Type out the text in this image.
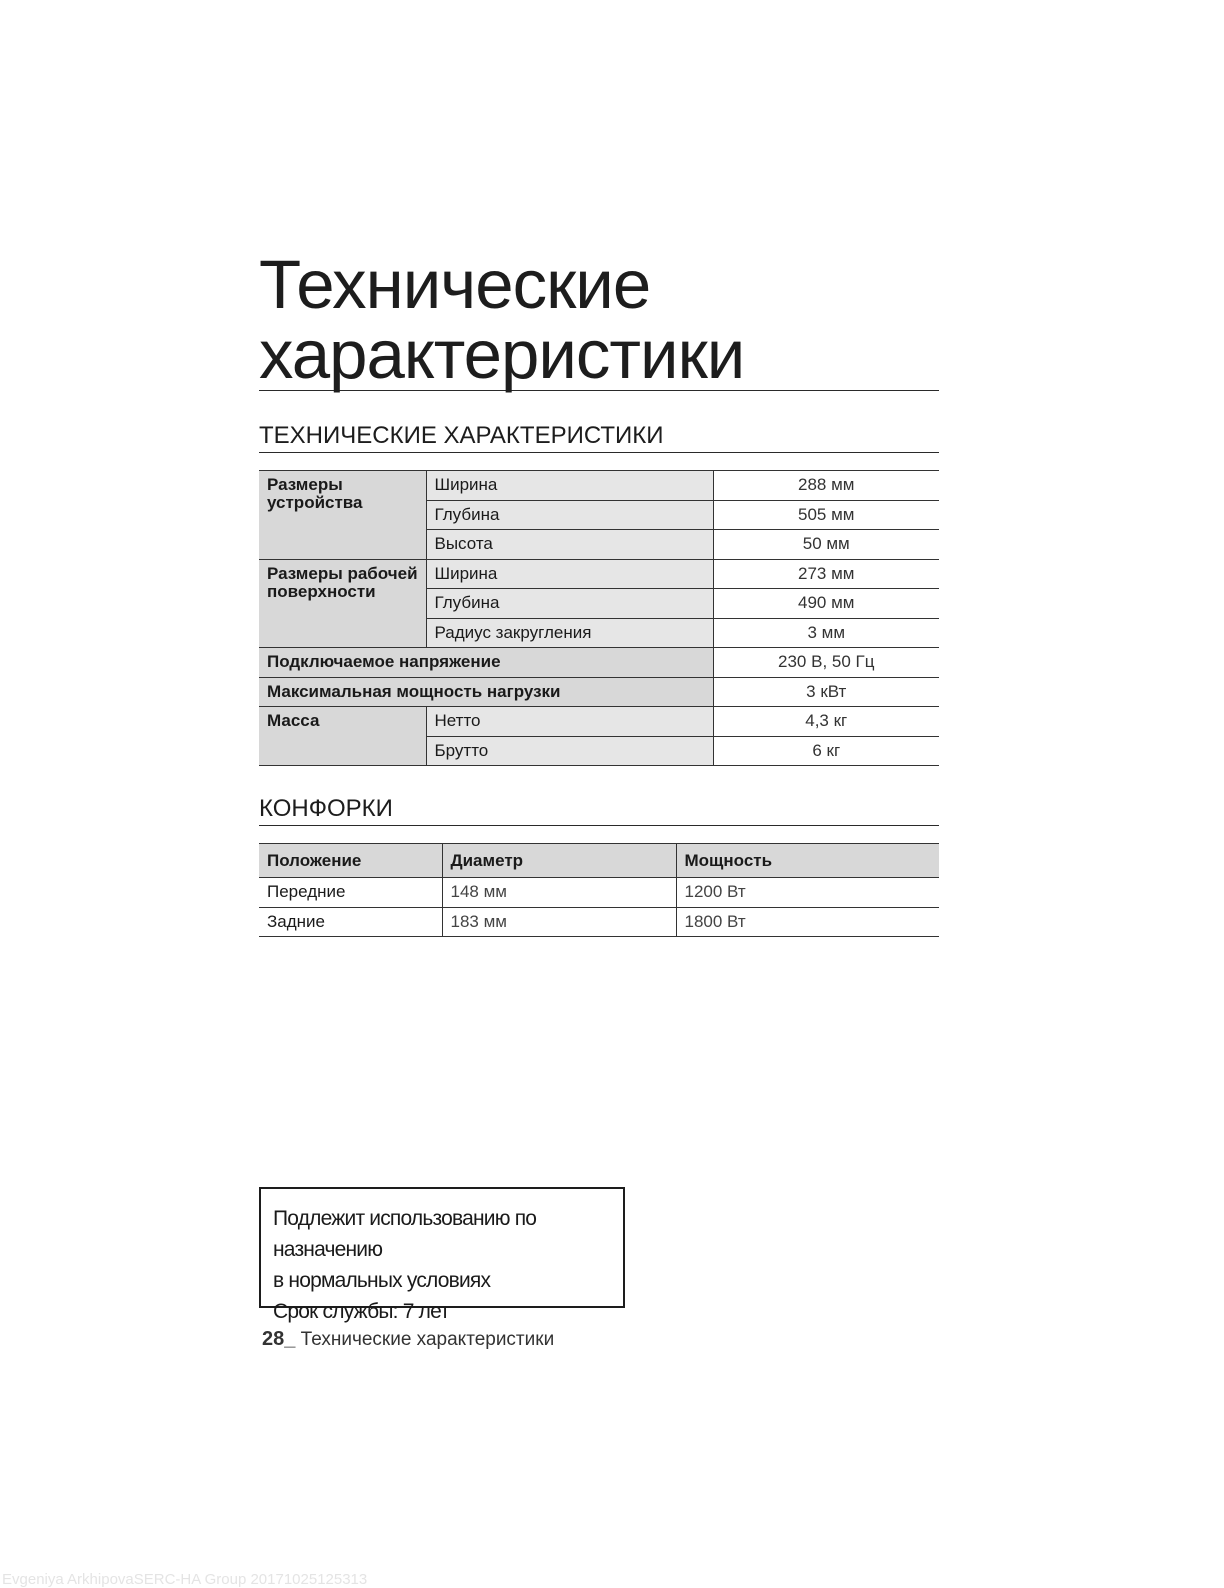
Технические
характеристики
ТЕХНИЧЕСКИЕ ХАРАКТЕРИСТИКИ
Размеры устройства	Ширина	288 мм
	Глубина	505 мм
	Высота	50 мм
Размеры рабочей поверхности	Ширина	273 мм
	Глубина	490 мм
	Радиус закругления	3 мм
Подключаемое напряжение		230 В, 50 Гц
Максимальная мощность нагрузки		3 кВт
Масса	Нетто	4,3 кг
	Брутто	6 кг
КОНФОРКИ
Положение	Диаметр	Мощность
Передние	148 мм	1200 Вт
Задние	183 мм	1800 Вт
Подлежит использованию по назначению
в нормальных условиях
Срок службы: 7 лет
28_ Технические характеристики
Evgeniya ArkhipovaSERC-HA Group 20171025125313
